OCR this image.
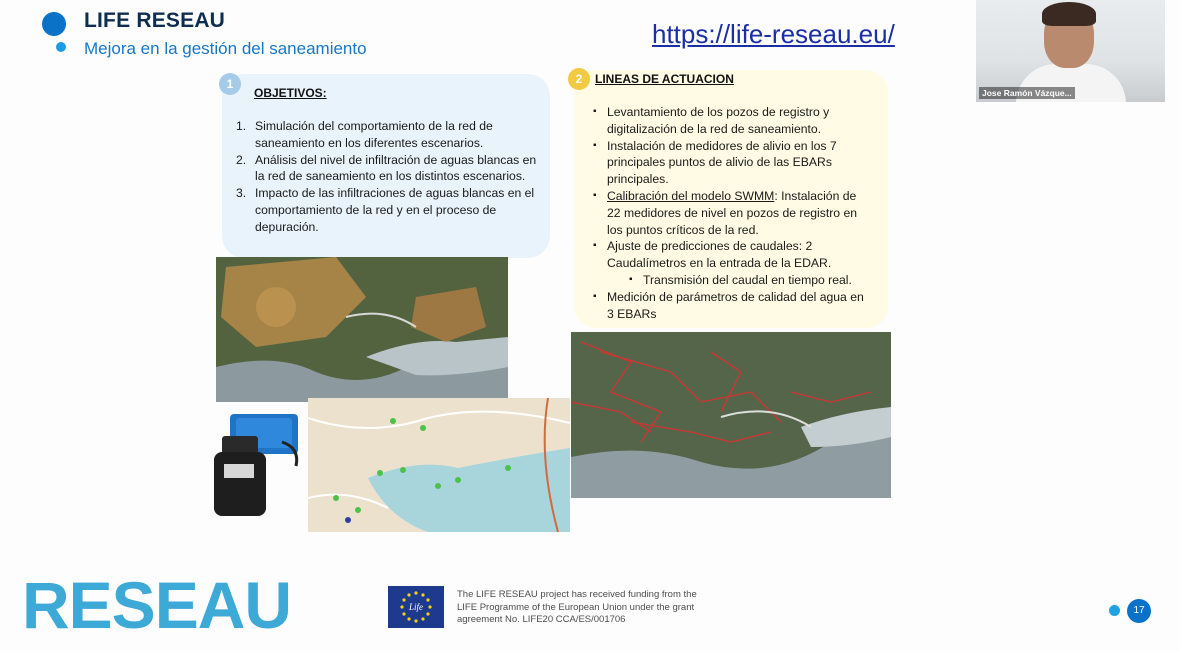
LIFE RESEAU
Mejora en la gestión del saneamiento	https://life-reseau.eu/
1
OBJETIVOS:
1. Simulación del comportamiento de la red de saneamiento en los diferentes escenarios.
2. Análisis del nivel de infiltración de aguas blancas en la red de saneamiento en los distintos escenarios.
3. Impacto de las infiltraciones de aguas blancas en el comportamiento de la red y en el proceso de depuración.
2	LINEAS DE ACTUACION
▪ Levantamiento de los pozos de registro y digitalización de la red de saneamiento.
▪ Instalación de medidores de alivio en los 7 principales puntos de alivio de las EBARs principales.
▪ Calibración del modelo SWMM: Instalación de 22 medidores de nivel en pozos de registro en los puntos críticos de la red.
▪ Ajuste de predicciones de caudales: 2 Caudalímetros en la entrada de la EDAR.
▪ Transmisión del caudal en tiempo real.
▪ Medición de parámetros de calidad del agua en 3 EBARs
Jose Ramón Vázque...
RESEAU	Life
The LIFE RESEAU project has received funding from the LIFE Programme of the European Union under the grant agreement No. LIFE20 CCA/ES/001706
17
